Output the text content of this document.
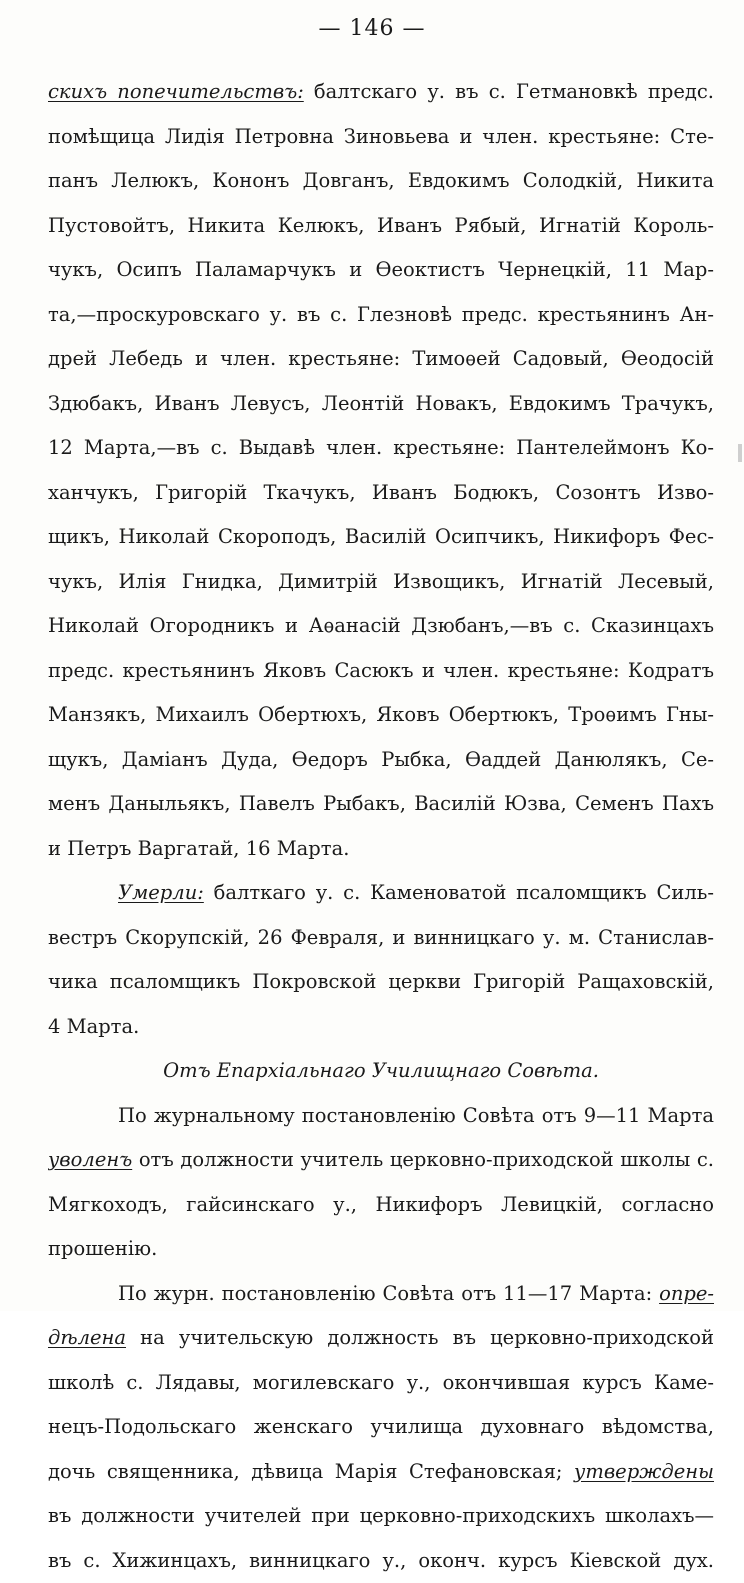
— 146 —
скихъ попечительствъ: балтскаго у. въ с. Гетмановкѣ предс.
помѣщица Лидія Петровна Зиновьева и член. крестьяне: Сте-
панъ Лелюкъ, Кононъ Довганъ, Евдокимъ Солодкій, Никита
Пустовойтъ, Никита Келюкъ, Иванъ Рябый, Игнатій Король-
чукъ, Осипъ Паламарчукъ и Ѳеоктистъ Чернецкій, 11 Мар-
та,—проскуровскаго у. въ с. Глезновѣ предс. крестьянинъ Ан-
дрей Лебедь и член. крестьяне: Тимоѳей Садовый, Ѳеодосій
Здюбакъ, Иванъ Левусъ, Леонтій Новакъ, Евдокимъ Трачукъ,
12 Марта,—въ с. Выдавѣ член. крестьяне: Пантелеймонъ Ко-
ханчукъ, Григорій Ткачукъ, Иванъ Бодюкъ, Созонтъ Изво-
щикъ, Николай Скороподъ, Василій Осипчикъ, Никифоръ Фес-
чукъ, Илія Гнидка, Димитрій Извощикъ, Игнатій Лесевый,
Николай Огородникъ и Аѳанасій Дзюбанъ,—въ с. Сказинцахъ
предс. крестьянинъ Яковъ Сасюкъ и член. крестьяне: Кодратъ
Манзякъ, Михаилъ Обертюхъ, Яковъ Обертюкъ, Троѳимъ Гны-
щукъ, Даміанъ Дуда, Ѳедоръ Рыбка, Ѳаддей Данюлякъ, Се-
менъ Даныльякъ, Павелъ Рыбакъ, Василій Юзва, Семенъ Пахъ
и Петръ Варгатай, 16 Марта.
Умерли: балткаго у. с. Каменоватой псаломщикъ Силь-
вестръ Скорупскій, 26 Февраля, и винницкаго у. м. Станислав-
чика псаломщикъ Покровской церкви Григорій Ращаховскій,
4 Марта.
Отъ Епархіальнаго Училищнаго Совѣта.
По журнальному постановленію Совѣта отъ 9—11 Марта
уволенъ отъ должности учитель церковно-приходской школы с.
Мягкоходъ, гайсинскаго у., Никифоръ Левицкій, согласно
прошенію.
По журн. постановленію Совѣта отъ 11—17 Марта: опре-
дѣлена на учительскую должность въ церковно-приходской
школѣ с. Лядавы, могилевскаго у., окончившая курсъ Каме-
нецъ-Подольскаго женскаго училища духовнаго вѣдомства,
дочь священника, дѣвица Марія Стефановская; утверждены
въ должности учителей при церковно-приходскихъ школахъ—
въ с. Хижинцахъ, винницкаго у., оконч. курсъ Кіевской дух.
